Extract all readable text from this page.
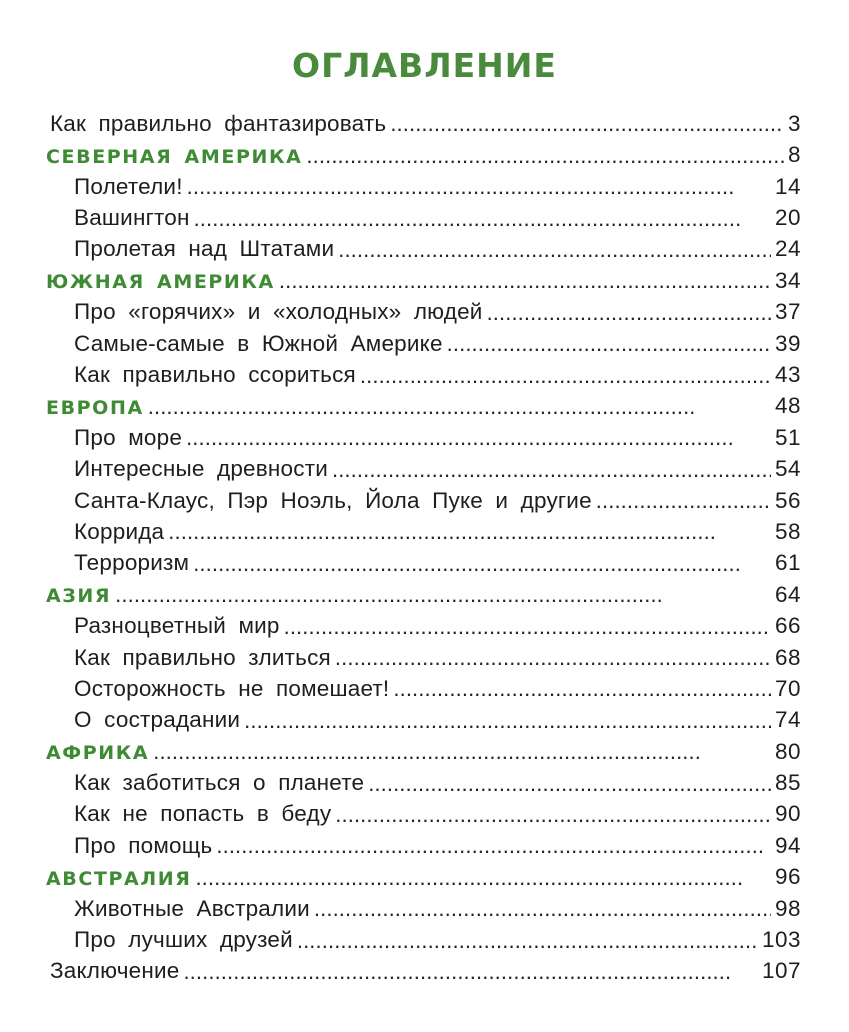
ОГЛАВЛЕНИЕ
Как правильно фантазировать . . .	3
СЕВЕРНАЯ АМЕРИКА . . .	8
Полетели! . . .	14
Вашингтон . . .	20
Пролетая над Штатами . . .	24
ЮЖНАЯ АМЕРИКА . . .	34
Про «горячих» и «холодных» людей . . .	37
Самые-самые в Южной Америке . . .	39
Как правильно ссориться . . .	43
ЕВРОПА . . .	48
Про море . . .	51
Интересные древности . . .	54
Санта-Клаус, Пэр Ноэль, Йола Пуке и другие . . .	56
Коррида . . .	58
Терроризм . . .	61
АЗИЯ . . .	64
Разноцветный мир . . .	66
Как правильно злиться . . .	68
Осторожность не помешает! . . .	70
О сострадании . . .	74
АФРИКА . . .	80
Как заботиться о планете . . .	85
Как не попасть в беду . . .	90
Про помощь . . .	94
АВСТРАЛИЯ . . .	96
Животные Австралии . . .	98
Про лучших друзей . . .	103
Заключение . . .	107
